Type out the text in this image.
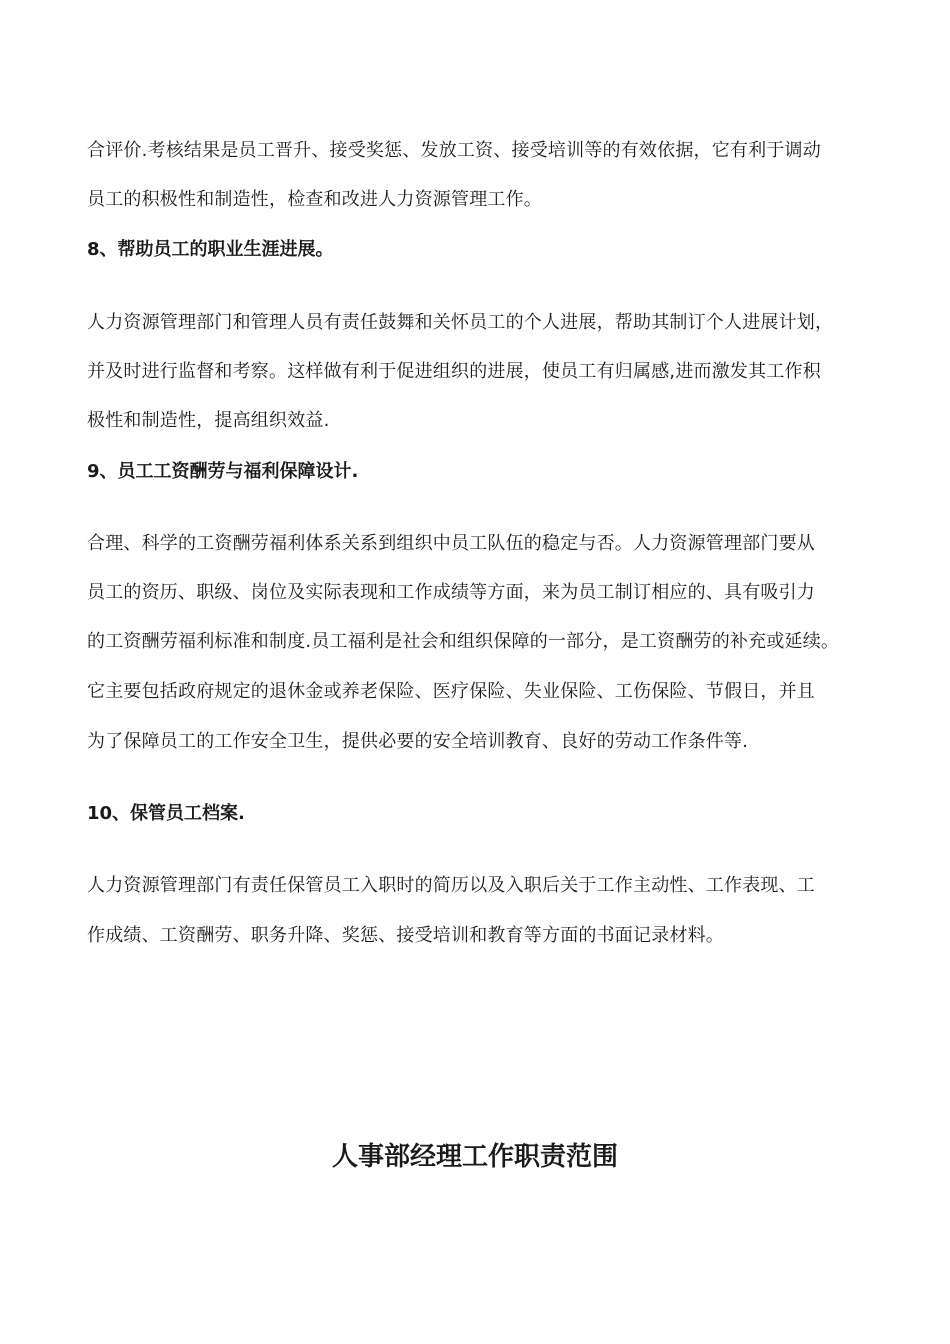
合评价.考核结果是员工晋升、接受奖惩、发放工资、接受培训等的有效依据，它有利于调动
员工的积极性和制造性，检查和改进人力资源管理工作。
8、帮助员工的职业生涯进展。
人力资源管理部门和管理人员有责任鼓舞和关怀员工的个人进展，帮助其制订个人进展计划，
并及时进行监督和考察。这样做有利于促进组织的进展，使员工有归属感,进而激发其工作积
极性和制造性，提高组织效益.
9、员工工资酬劳与福利保障设计.
合理、科学的工资酬劳福利体系关系到组织中员工队伍的稳定与否。人力资源管理部门要从
员工的资历、职级、岗位及实际表现和工作成绩等方面，来为员工制订相应的、具有吸引力
的工资酬劳福利标准和制度.员工福利是社会和组织保障的一部分，是工资酬劳的补充或延续。
它主要包括政府规定的退休金或养老保险、医疗保险、失业保险、工伤保险、节假日，并且
为了保障员工的工作安全卫生，提供必要的安全培训教育、良好的劳动工作条件等.
10、保管员工档案.
人力资源管理部门有责任保管员工入职时的简历以及入职后关于工作主动性、工作表现、工
作成绩、工资酬劳、职务升降、奖惩、接受培训和教育等方面的书面记录材料。
人事部经理工作职责范围
